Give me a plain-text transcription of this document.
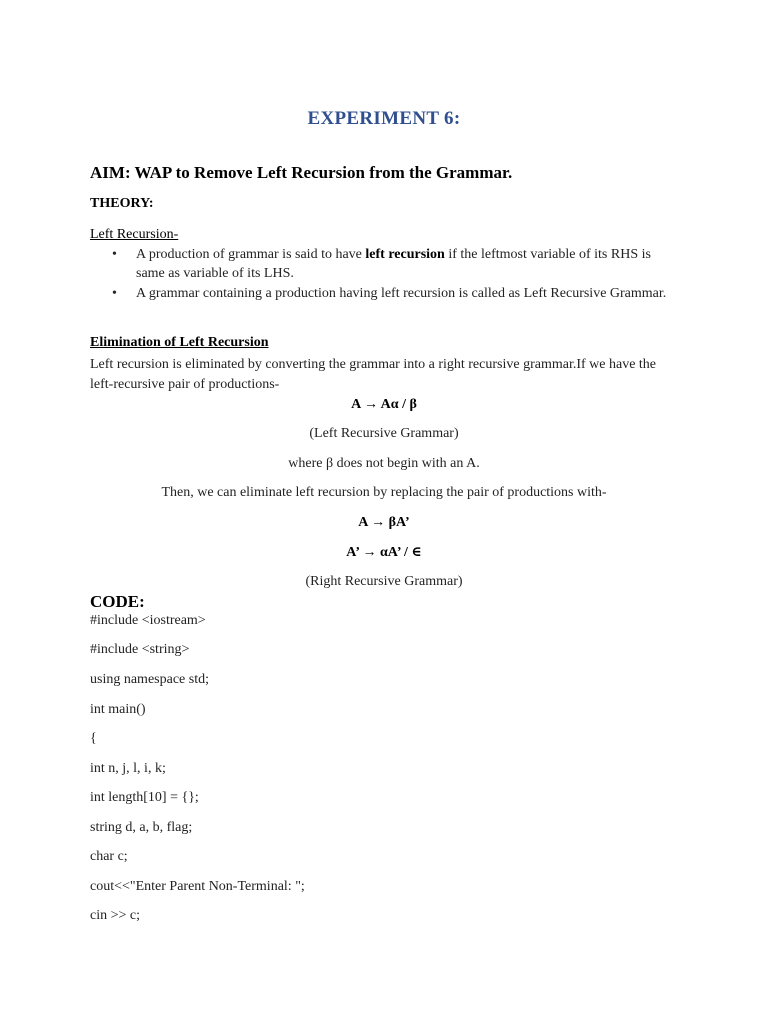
EXPERIMENT 6:
AIM: WAP to Remove Left Recursion from the Grammar.
THEORY:
Left Recursion-
• A production of grammar is said to have left recursion if the leftmost variable of its RHS is same as variable of its LHS.
• A grammar containing a production having left recursion is called as Left Recursive Grammar.
Elimination of Left Recursion
Left recursion is eliminated by converting the grammar into a right recursive grammar.If we have the left-recursive pair of productions-
A → Aα / β
(Left Recursive Grammar)
where β does not begin with an A.
Then, we can eliminate left recursion by replacing the pair of productions with-
A → βA’
A’ → αA’ / ∈
(Right Recursive Grammar)
CODE:
#include <iostream>
#include <string>
using namespace std;
int main()
{
int n, j, l, i, k;
int length[10] = {};
string d, a, b, flag;
char c;
cout<<"Enter Parent Non-Terminal: ";
cin >> c;
